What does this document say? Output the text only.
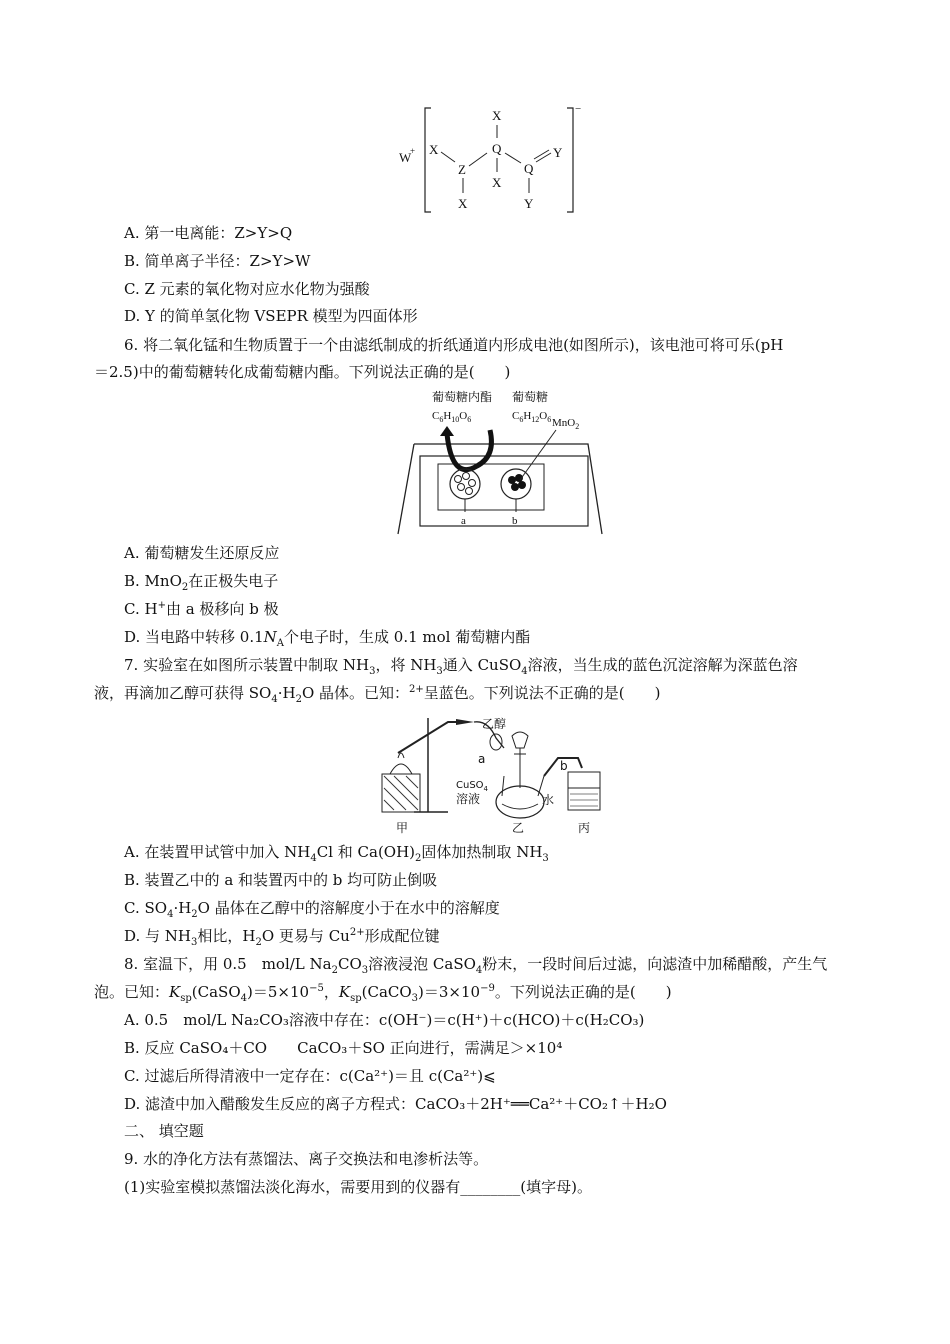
W
+
−
X
Q
X
X
Z
X
Q
Y
Y
A. 第一电离能：Z>Y>Q
B. 简单离子半径：Z>Y>W
C. Z 元素的氧化物对应水化物为强酸
D. Y 的简单氢化物 VSEPR 模型为四面体形
6. 将二氧化锰和生物质置于一个由滤纸制成的折纸通道内形成电池(如图所示)，该电池可将可乐(pH
＝2.5)中的葡萄糖转化成葡萄糖内酯。下列说法正确的是(　　)
葡萄糖内酯
$C_6H_{10}O_6$
葡萄糖
$C_6H_{12}O_6$ MnO$_2$
a	b
A. 葡萄糖发生还原反应
B. MnO$_2$在正极失电子
C. H+由 a 极移向 b 极
D. 当电路中转移 $0.1N_A$个电子时，生成 0.1 mol 葡萄糖内酯
7. 实验室在如图所示装置中制取 $NH_3$，将 $NH_3$通入 CuSO$_4$溶液，当生成的蓝色沉淀溶解为深蓝色溶
液，再滴加乙醇可获得 $SO_4\cdot H_2O$ 晶体。已知：$^{2+}$呈蓝色。下列说法不正确的是(　　)
a
乙醇
CuSO$_4$
溶液	水
b
甲	乙	丙
A. 在装置甲试管中加入 $NH_4Cl$ 和 $Ca(OH)_2$固体加热制取 $NH_3$
B. 装置乙中的 a 和装置丙中的 b 均可防止倒吸
C. $SO_4\cdot H_2O$ 晶体在乙醇中的溶解度小于在水中的溶解度
D. 与 $NH_3$相比，$H_2O$ 更易与 $Cu^{2+}$形成配位键
8. 室温下，用 0.5　mol/L $Na_2CO_3$溶液浸泡 CaSO$_4$粉末，一段时间后过滤，向滤渣中加稀醋酸，产生气
泡。已知：$K_{sp}(CaSO_4)=5\times 10^{-5}$，$K_{sp}(CaCO_3)=3\times 10^{-9}$。下列说法正确的是(　　)
A. 0.5　mol/L Na₂CO₃溶液中存在：c(OH⁻)＝c(H⁺)＋c(HCO)＋c(H₂CO₃)
B. 反应 CaSO₄＋CO　　CaCO₃＋SO 正向进行，需满足＞×10⁴
C. 过滤后所得清液中一定存在：c(Ca²⁺)＝且 c(Ca²⁺)⩽
D. 滤渣中加入醋酸发生反应的离子方程式：CaCO₃＋2H⁺══Ca²⁺＋CO₂↑＋H₂O
二、 填空题
9. 水的净化方法有蒸馏法、离子交换法和电渗析法等。
(1)实验室模拟蒸馏法淡化海水，需要用到的仪器有________(填字母)。
